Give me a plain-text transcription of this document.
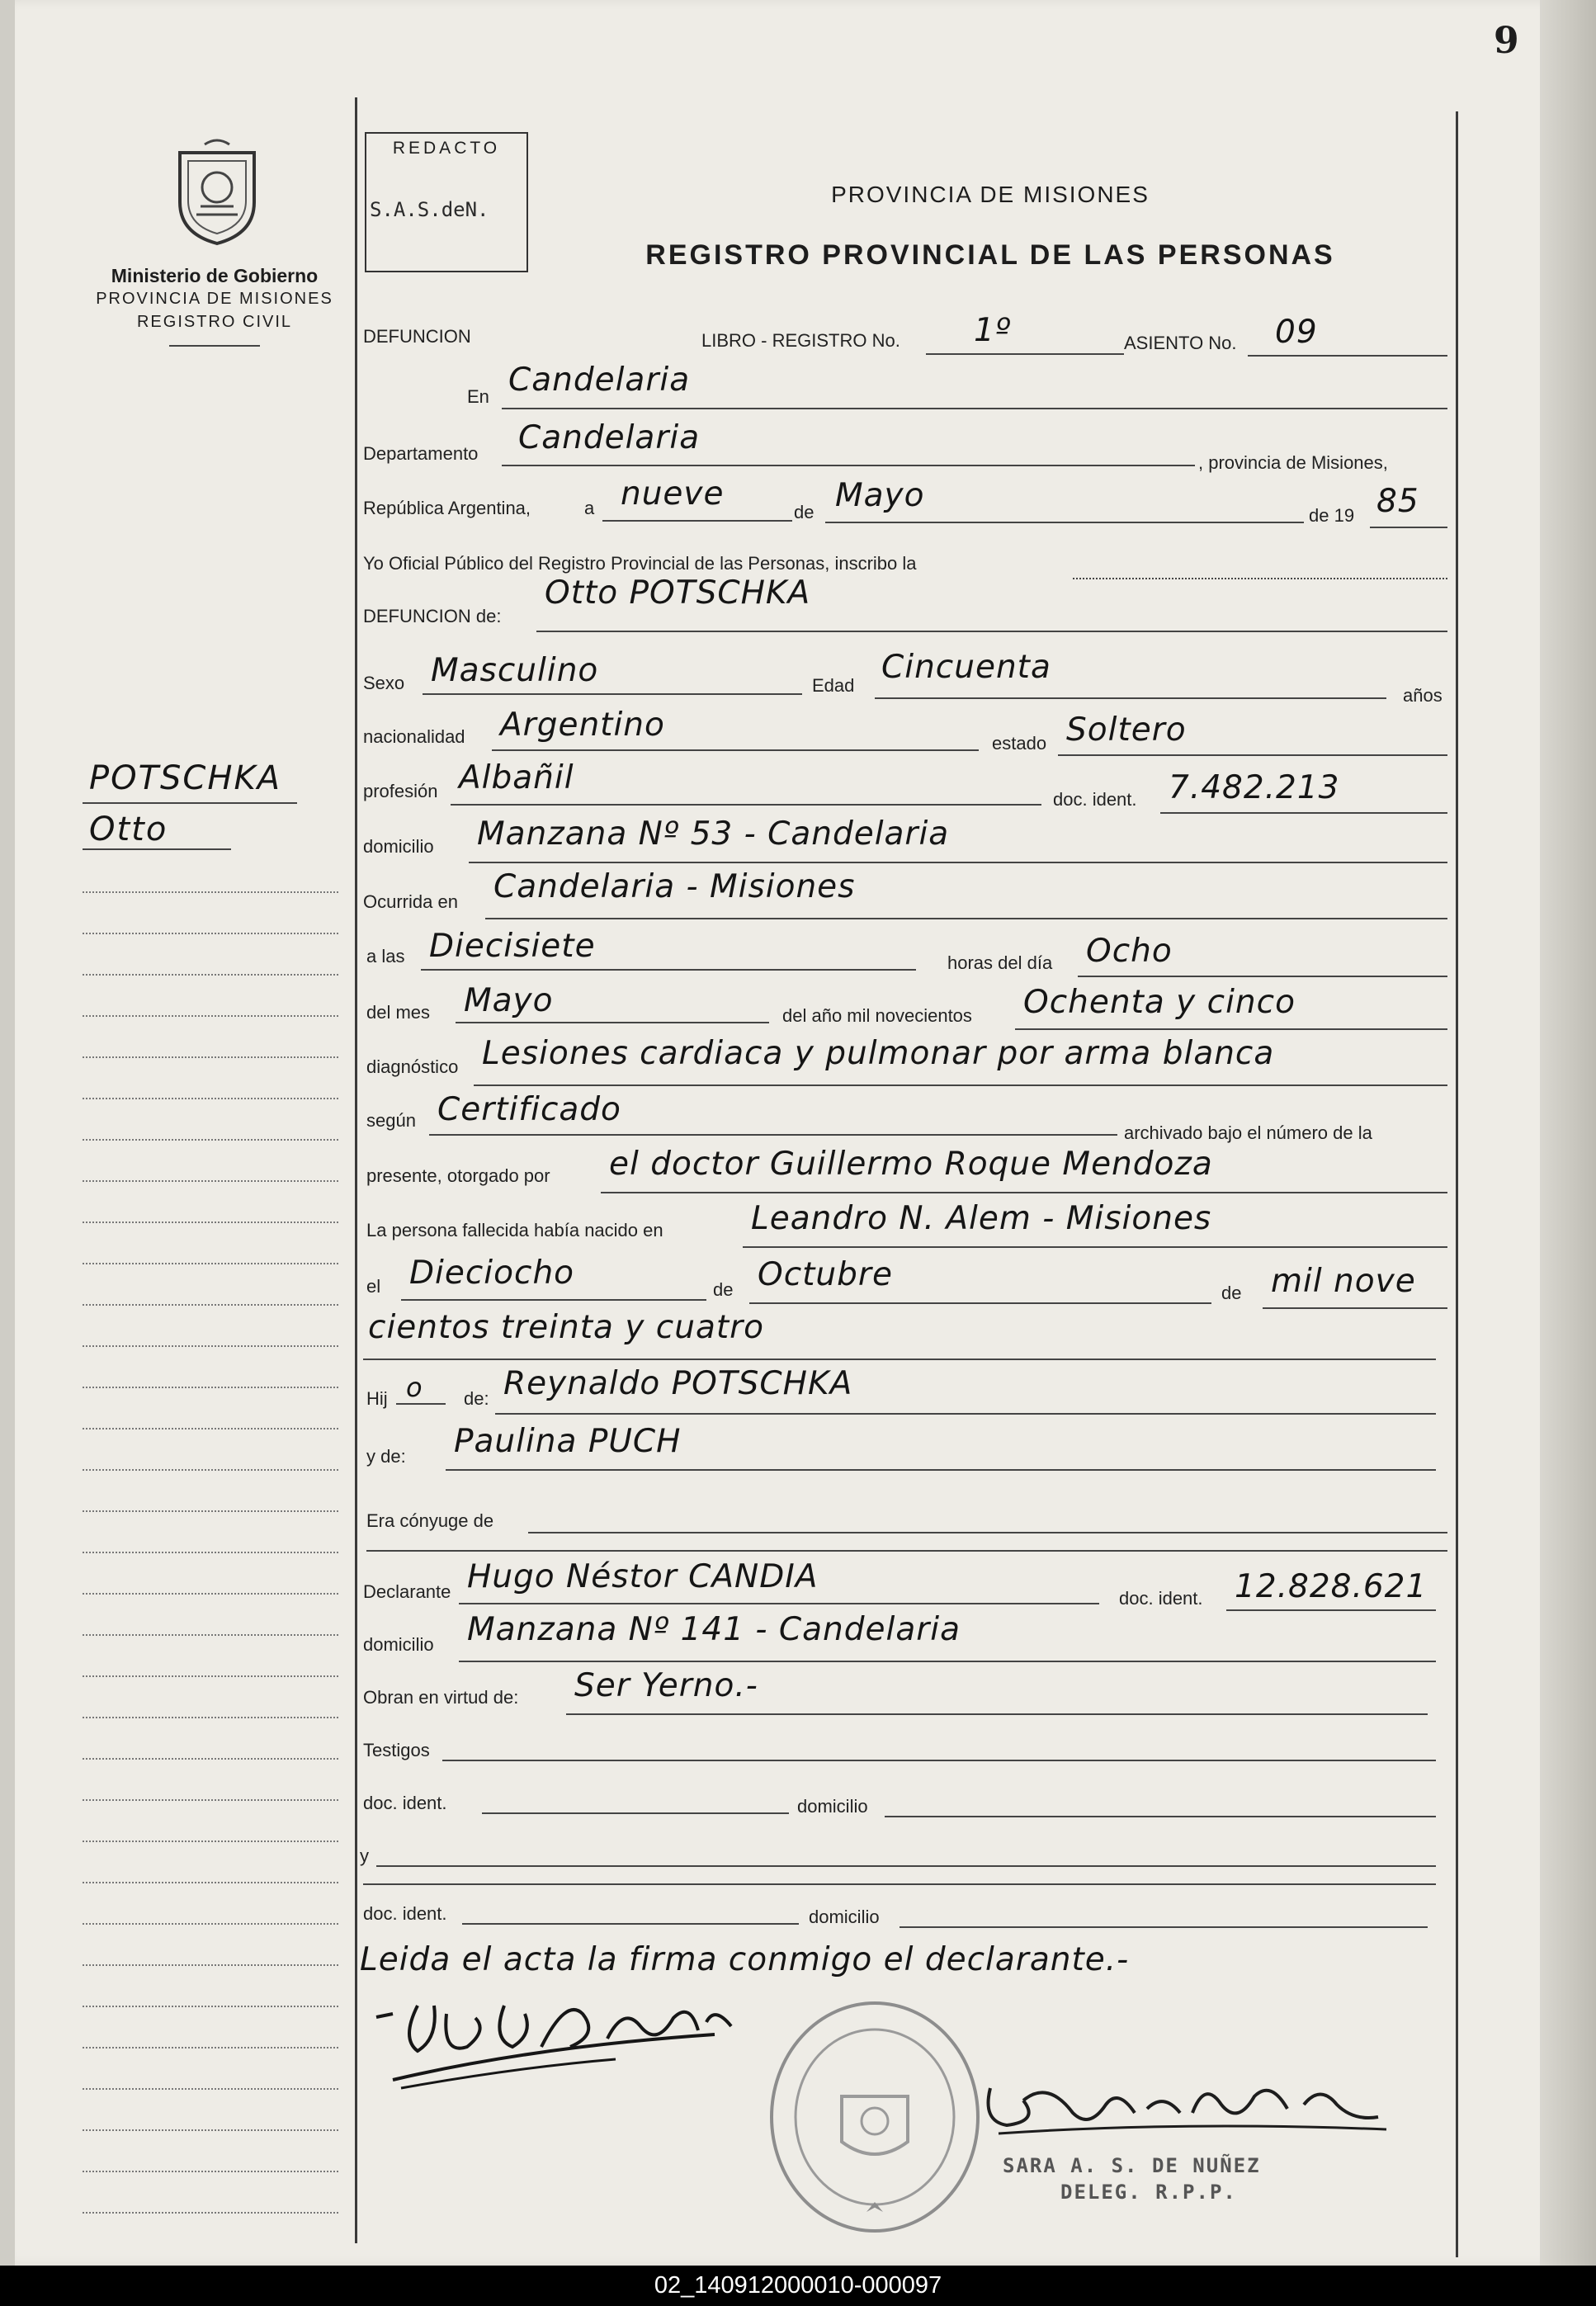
9
Ministerio de Gobierno
PROVINCIA DE MISIONES
REGISTRO CIVIL
REDACTO
S.A.S.deN.
PROVINCIA DE MISIONES
REGISTRO PROVINCIAL DE LAS PERSONAS
POTSCHKA
Otto
DEFUNCION	LIBRO - REGISTRO No. 1º	ASIENTO No. 09
En Candelaria
Departamento Candelaria
, provincia de Misiones,
República Argentina,	a nueve	de Mayo
de 19 85
Yo Oficial Público del Registro Provincial de las Personas, inscribo la
DEFUNCION de:
Otto POTSCHKA
Sexo Masculino	Edad Cincuenta
años
nacionalidad Argentino	estado Soltero
profesión Albañil
doc. ident. 7.482.213
domicilio Manzana Nº 53 - Candelaria
Ocurrida en Candelaria - Misiones
a las Diecisiete	horas del día Ocho
del mes Mayo	del año mil novecientos Ochenta y cinco
diagnóstico Lesiones cardiaca y pulmonar por arma blanca
según Certificado
archivado bajo el número de la
presente, otorgado por el doctor Guillermo Roque Mendoza
La persona fallecida había nacido en	Leandro N. Alem - Misiones
el Dieciocho	de Octubre	de mil nove
cientos treinta y cuatro
Hij o de: Reynaldo POTSCHKA
y de: Paulina PUCH
Era cónyuge de
Declarante Hugo Néstor CANDIA
doc. ident. 12.828.621
domicilio Manzana Nº 141 - Candelaria
Obran en virtud de: Ser Yerno.-
Testigos
doc. ident.	domicilio
y
doc. ident.	domicilio
Leida el acta la firma conmigo el declarante.-
SARA A. S. DE NUÑEZ
DELEG. R.P.P.
02_140912000010-000097
